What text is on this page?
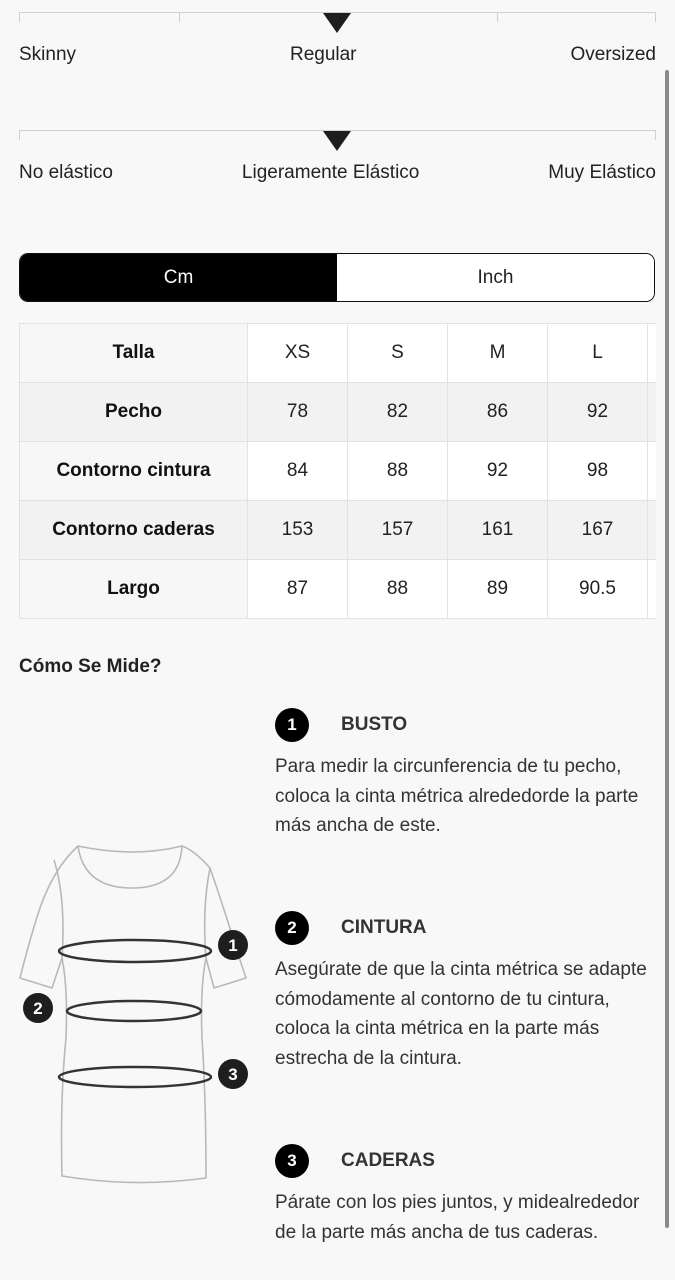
Skinny	Regular	Oversized
No elástico	Ligeramente Elástico	Muy Elástico
Cm	Inch
Talla	XS	S	M	L	
Pecho	78	82	86	92	
Contorno cintura	84	88	92	98	
Contorno caderas	153	157	161	167	
Largo	87	88	89	90.5	
Cómo Se Mide?
1
2
3
1	BUSTO
Para medir la circunferencia de tu pecho, coloca la cinta métrica alrededorde la parte más ancha de este.
2	CINTURA
Asegúrate de que la cinta métrica se adapte cómodamente al contorno de tu cintura, coloca la cinta métrica en la parte más estrecha de la cintura.
3	CADERAS
Párate con los pies juntos, y midealrededor de la parte más ancha de tus caderas.
